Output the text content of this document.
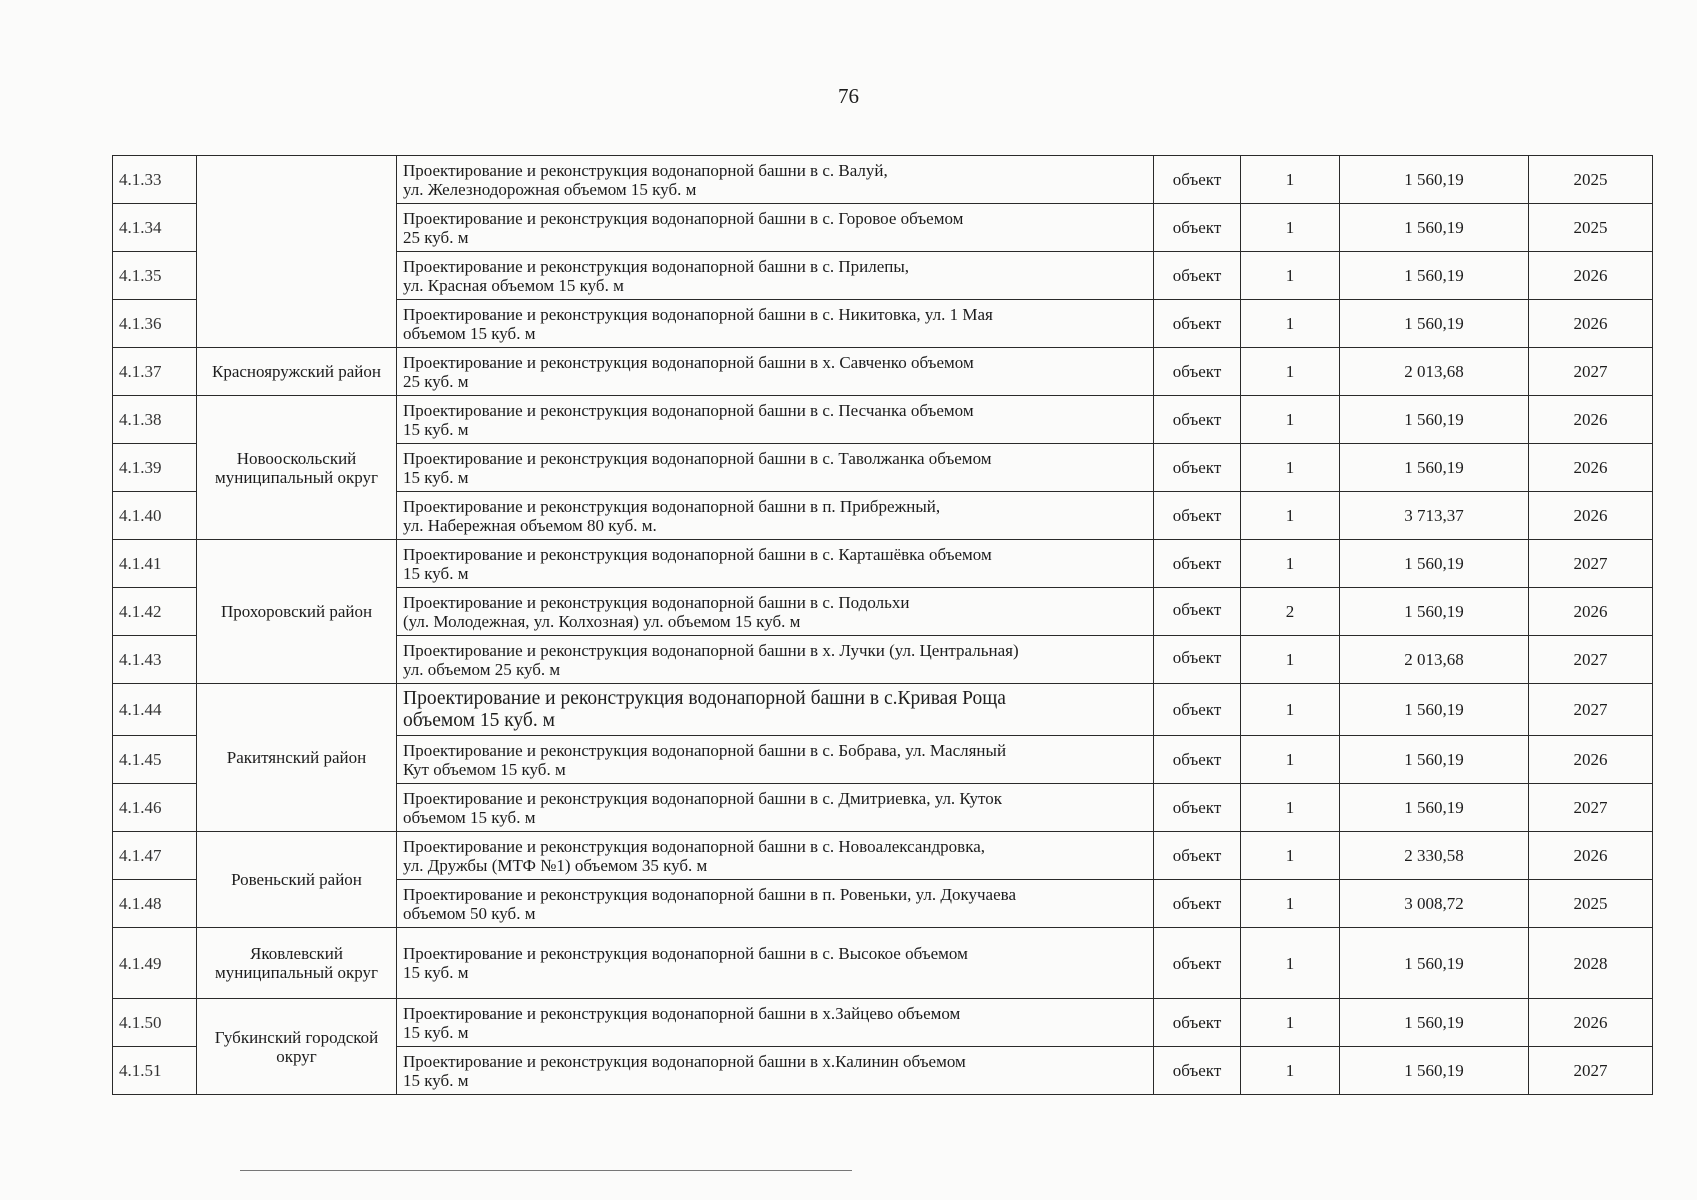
76
4.1.33		Проектирование и реконструкция водонапорной башни в с. Валуй,
ул. Железнодорожная объемом 15 куб. м	объект	1	1 560,19	2025
4.1.34		Проектирование и реконструкция водонапорной башни в с. Горовое объемом
25 куб. м	объект	1	1 560,19	2025
4.1.35		Проектирование и реконструкция водонапорной башни в с. Прилепы,
ул. Красная объемом 15 куб. м	объект	1	1 560,19	2026
4.1.36		Проектирование и реконструкция водонапорной башни в с. Никитовка, ул. 1 Мая
объемом 15 куб. м	объект	1	1 560,19	2026
4.1.37	Краснояружский район	Проектирование и реконструкция водонапорной башни в х. Савченко объемом
25 куб. м	объект	1	2 013,68	2027
4.1.38	Новооскольский муниципальный округ	Проектирование и реконструкция водонапорной башни в с. Песчанка объемом
15 куб. м	объект	1	1 560,19	2026
4.1.39		Проектирование и реконструкция водонапорной башни в с. Таволжанка объемом
15 куб. м	объект	1	1 560,19	2026
4.1.40		Проектирование и реконструкция водонапорной башни в п. Прибрежный,
ул. Набережная объемом 80 куб. м.	объект	1	3 713,37	2026
4.1.41	Прохоровский район	Проектирование и реконструкция водонапорной башни в с. Карташёвка объемом
15 куб. м	объект	1	1 560,19	2027
4.1.42		Проектирование и реконструкция водонапорной башни в с. Подольхи
(ул. Молодежная, ул. Колхозная) ул. объемом 15 куб. м	объект	2	1 560,19	2026
4.1.43		Проектирование и реконструкция водонапорной башни в х. Лучки (ул. Центральная)
ул. объемом 25 куб. м	объект	1	2 013,68	2027
4.1.44	Ракитянский район	Проектирование и реконструкция водонапорной башни в с.Кривая Роща
объемом 15 куб. м	объект	1	1 560,19	2027
4.1.45		Проектирование и реконструкция водонапорной башни в с. Бобрава, ул. Масляный
Кут объемом 15 куб. м	объект	1	1 560,19	2026
4.1.46		Проектирование и реконструкция водонапорной башни в с. Дмитриевка, ул. Куток
объемом 15 куб. м	объект	1	1 560,19	2027
4.1.47	Ровеньский район	Проектирование и реконструкция водонапорной башни в с. Новоалександровка,
ул. Дружбы (МТФ №1) объемом 35 куб. м	объект	1	2 330,58	2026
4.1.48		Проектирование и реконструкция водонапорной башни в п. Ровеньки, ул. Докучаева
объемом 50 куб. м	объект	1	3 008,72	2025
4.1.49	Яковлевский муниципальный округ	Проектирование и реконструкция водонапорной башни в с. Высокое объемом
15 куб. м	объект	1	1 560,19	2028
4.1.50	Губкинский городской округ	Проектирование и реконструкция водонапорной башни в х.Зайцево объемом
15 куб. м	объект	1	1 560,19	2026
4.1.51		Проектирование и реконструкция водонапорной башни в х.Калинин объемом
15 куб. м	объект	1	1 560,19	2027
